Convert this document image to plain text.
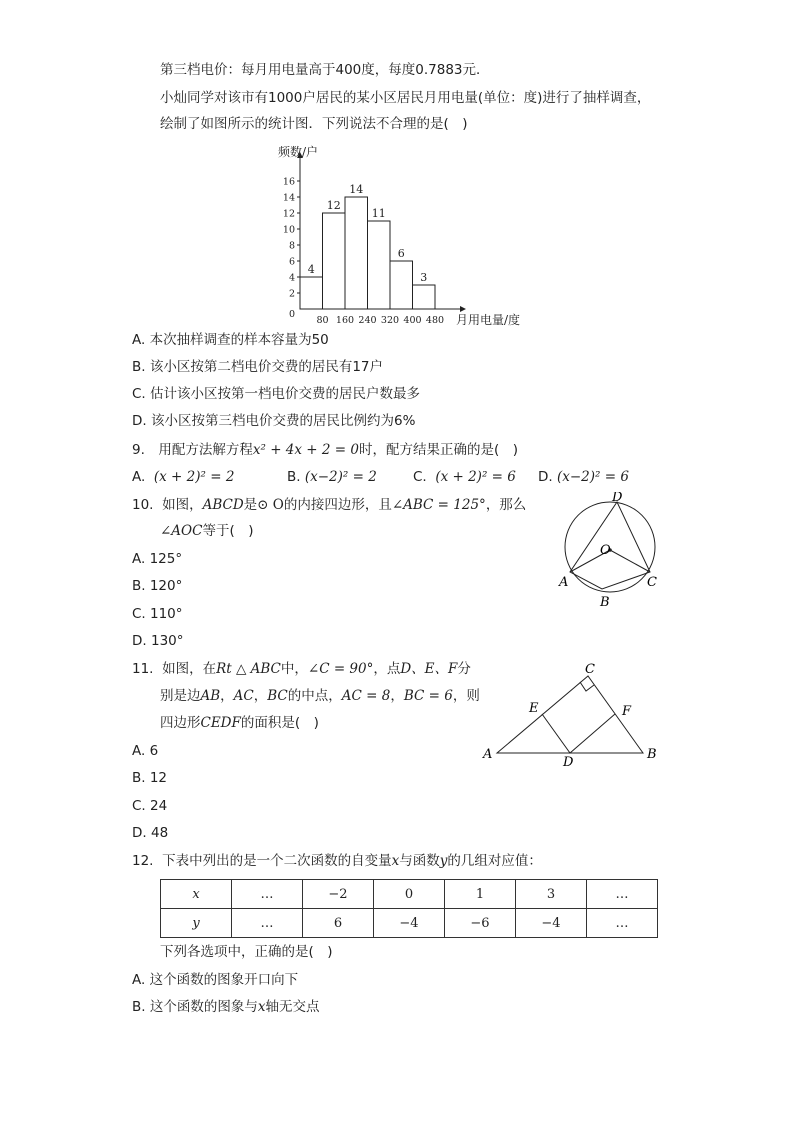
第三档电价：每月用电量高于400度，每度0.7883元．
小灿同学对该市有1000户居民的某小区居民月用电量(单位：度)进行了抽样调查，
绘制了如图所示的统计图．下列说法不合理的是(　)
4
12
14
11
6
3
2
4
6
8
10
12
14
16
0
80 160 240 320 400 480
频数/户
月用电量/度
A. 本次抽样调查的样本容量为50
B. 该小区按第二档电价交费的居民有17户
C. 估计该小区按第一档电价交费的居民户数最多
D. 该小区按第三档电价交费的居民比例约为6%
9.　用配方法解方程x² + 4x + 2 = 0时，配方结果正确的是(　)
A. (x + 2)² = 2	B. (x−2)² = 2	C. (x + 2)² = 6 D. (x−2)² = 6
10. 如图，ABCD是⊙ O的内接四边形，且∠ABC = 125°，那么
∠AOC等于(　)
D
O
A	C
B
A. 125°
B. 120°
C. 110°
D. 130°
11. 如图，在Rt △ ABC中，∠C = 90°，点D、E、F分
别是边AB，AC，BC的中点，AC = 8，BC = 6，则
四边形CEDF的面积是(　)
C
E	F
A
D
B
A. 6
B. 12
C. 24
D. 48
12. 下表中列出的是一个二次函数的自变量x与函数y的几组对应值：
x	…	−2	0	1	3	…
y	…	6	−4	−6	−4	…
下列各选项中，正确的是(　)
A. 这个函数的图象开口向下
B. 这个函数的图象与x轴无交点
